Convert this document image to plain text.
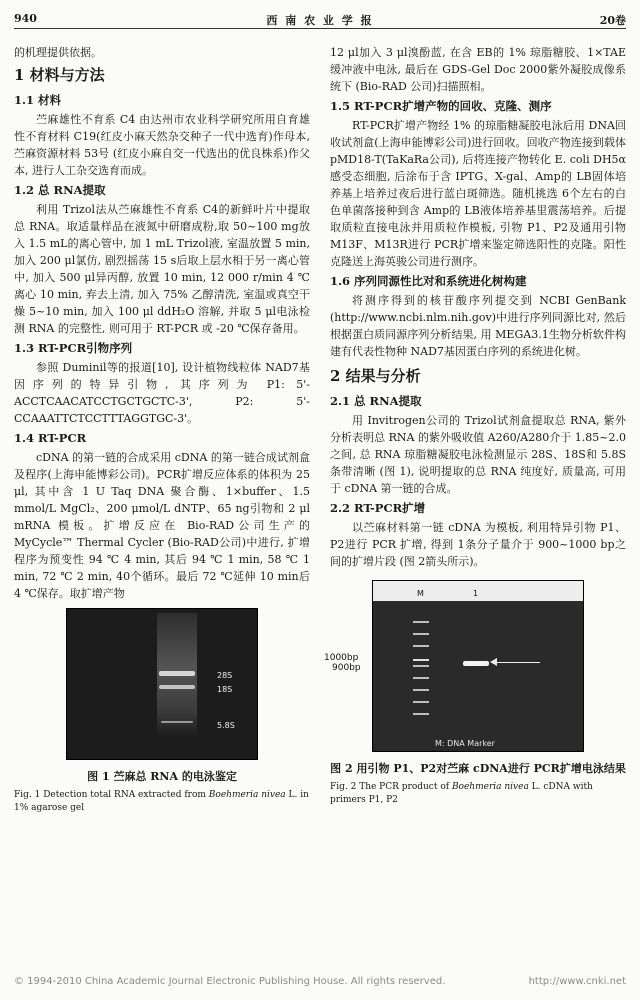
940	西 南 农 业 学 报	20卷

的机理提供依据。

1 材料与方法
1.1 材料

苎麻雄性不育系 C4 由达州市农业科学研究所用自育雄性不育材料 C19(红皮小麻天然杂交种子一代中选育)作母本, 苎麻资源材料 53号 (红皮小麻自交一代选出的优良株系)作父本, 进行人工杂交选育而成。

1.2 总 RNA提取

利用 Trizol法从苎麻雄性不育系 C4的新鲜叶片中提取总 RNA。取适量样品在液氮中研磨成粉,取 50~100 mg放入 1.5 mL的离心管中, 加 1 mL Trizol液, 室温放置 5 min, 加入 200 μl氯仿, 剧烈摇荡 15 s后取上层水相于另一离心管中, 加入 500 μl异丙醇, 放置 10 min, 12 000 r/min 4 ℃离心 10 min, 弃去上清, 加入 75% 乙醇清洗, 室温或真空干燥 5~10 min, 加入 100 μl ddH₂O 溶解, 并取 5 μl电泳检测 RNA 的完整性, 则可用于 RT-PCR 或 -20 ℃保存备用。

1.3 RT-PCR引物序列

参照 Duminil等的报道[10], 设计植物线粒体 NAD7基因序列的特异引物, 其序列为 P1: 5'-ACCTCAACATCCTGCTGCTC-3', P2: 5'-CCAAATTCTCCTTTAGGTGC-3'。

1.4 RT-PCR

cDNA 的第一链的合成采用 cDNA 的第一链合成试剂盒及程序(上海申能博彩公司)。PCR扩增反应体系的体积为 25 μl, 其中含 1 U Taq DNA 聚合酶、1×buffer、1.5 mmol/L MgCl₂、200 μmol/L dNTP、65 ng引物和 2 μl mRNA 模板。扩增反应在 Bio-RAD公司生产的 MyCycle™ Thermal Cycler (Bio-RAD公司)中进行, 扩增程序为预变性 94 ℃ 4 min, 其后 94 ℃ 1 min, 58 ℃ 1 min, 72 ℃ 2 min, 40个循环。最后 72 ℃延伸 10 min后 4 ℃保存。取扩增产物

28S
18S
5.8S
图 1 苎麻总 RNA 的电泳鉴定
Fig. 1 Detection total RNA extracted from Boehmeria nivea L. in 1% agarose gel

12 μl加入 3 μl溴酚蓝, 在含 EB的 1% 琼脂糖胶、1×TAE缓冲液中电泳, 最后在 GDS-Gel Doc 2000紫外凝胶成像系统下 (Bio-RAD 公司)扫描照相。

1.5 RT-PCR扩增产物的回收、克隆、测序

RT-PCR扩增产物经 1% 的琼脂糖凝胶电泳后用 DNA回收试剂盒(上海申能博彩公司)进行回收。回收产物连接到载体 pMD18-T(TaKaRa公司), 后将连接产物转化 E. coli DH5α感受态细胞, 后涂布于含 IPTG、X-gal、Amp的 LB固体培养基上培养过夜后进行蓝白斑筛选。随机挑选 6个左右的白色单菌落接种到含 Amp的 LB液体培养基里震荡培养。后提取质粒直接电泳并用质粒作模板, 引物 P1、P2及通用引物 M13F、M13R进行 PCR扩增来鉴定筛选阳性的克隆。阳性克隆送上海英骏公司进行测序。

1.6 序列同源性比对和系统进化树构建

将测序得到的核苷酸序列提交到 NCBI GenBank (http://www.ncbi.nlm.nih.gov)中进行序列同源比对, 然后根据蛋白质同源序列分析结果, 用 MEGA3.1生物分析软件构建有代表性物种 NAD7基因蛋白序列的系统进化树。

2 结果与分析
2.1 总 RNA提取

用 Invitrogen公司的 Trizol试剂盒提取总 RNA, 紫外分析表明总 RNA 的紫外吸收值 A260/A280介于 1.85~2.0之间, 总 RNA 琼脂糖凝胶电泳检测显示 28S、18S和 5.8S条带清晰 (图 1), 说明提取的总 RNA 纯度好, 质量高, 可用于 cDNA 第一链的合成。

2.2 RT-PCR扩增

以苎麻材料第一链 cDNA 为模板, 利用特异引物 P1、P2进行 PCR 扩增, 得到 1条分子量介于 900~1000 bp之间的扩增片段 (图 2箭头所示)。

M	1
M: DNA Marker
图 2 用引物 P1、P2对苎麻 cDNA进行 PCR扩增电泳结果
Fig. 2 The PCR product of Boehmeria nivea L. cDNA with primers P1, P2
1000bp
900bp
© 1994-2010 China Academic Journal Electronic Publishing House. All rights reserved.	http://www.cnki.net
